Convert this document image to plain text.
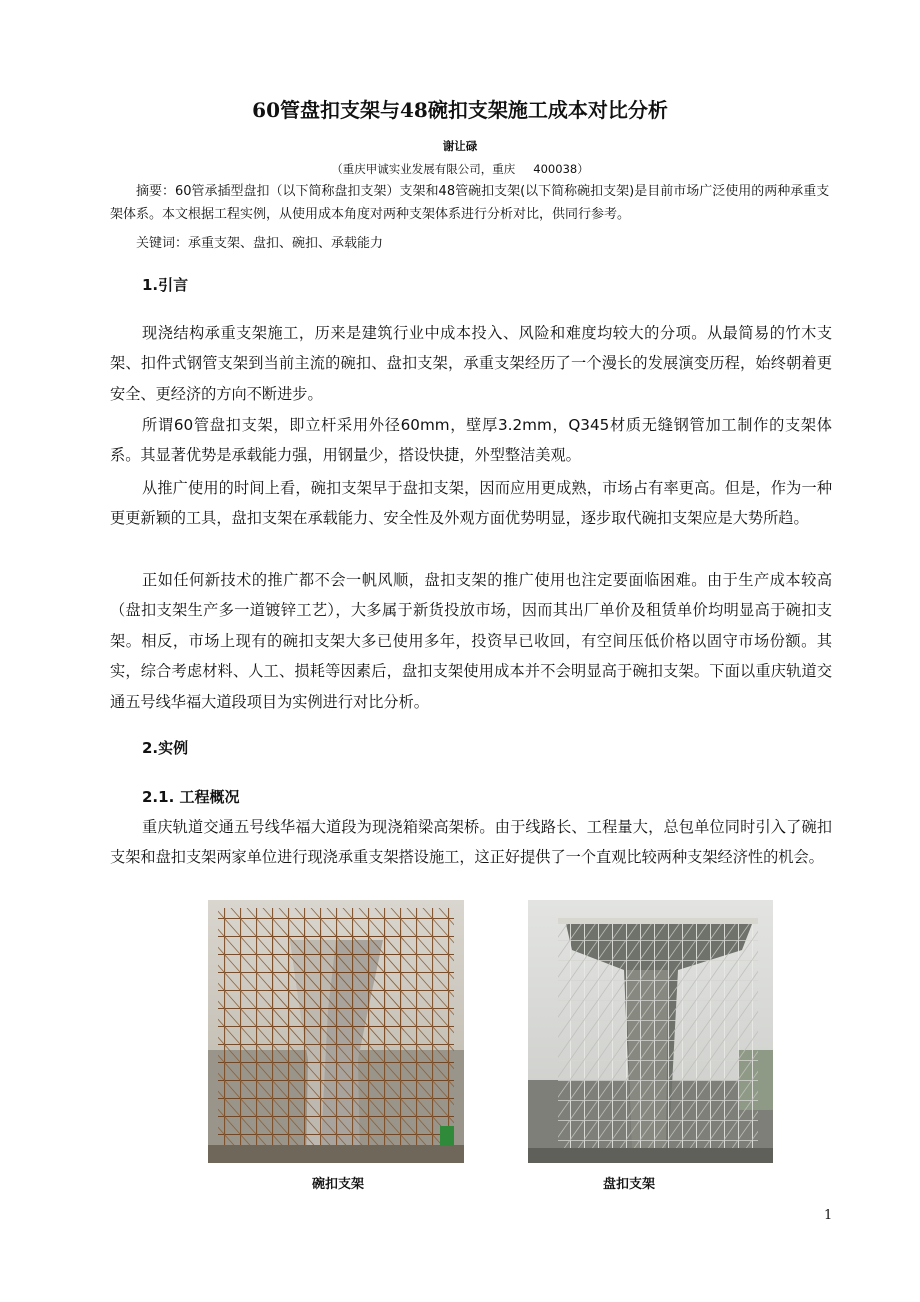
60管盘扣支架与48碗扣支架施工成本对比分析
谢让碌
（重庆甲诚实业发展有限公司，重庆 400038）

摘要：60管承插型盘扣（以下简称盘扣支架）支架和48管碗扣支架(以下简称碗扣支架)是目前市场广泛使用的两种承重支架体系。本文根据工程实例，从使用成本角度对两种支架体系进行分析对比，供同行参考。

关键词：承重支架、盘扣、碗扣、承载能力
1.引言

现浇结构承重支架施工，历来是建筑行业中成本投入、风险和难度均较大的分项。从最简易的竹木支架、扣件式钢管支架到当前主流的碗扣、盘扣支架，承重支架经历了一个漫长的发展演变历程，始终朝着更安全、更经济的方向不断进步。

所谓60管盘扣支架，即立杆采用外径60mm，壁厚3.2mm，Q345材质无缝钢管加工制作的支架体系。其显著优势是承载能力强，用钢量少，搭设快捷，外型整洁美观。

从推广使用的时间上看，碗扣支架早于盘扣支架，因而应用更成熟，市场占有率更高。但是，作为一种更更新颖的工具，盘扣支架在承载能力、安全性及外观方面优势明显，逐步取代碗扣支架应是大势所趋。

正如任何新技术的推广都不会一帆风顺，盘扣支架的推广使用也注定要面临困难。由于生产成本较高（盘扣支架生产多一道镀锌工艺），大多属于新货投放市场，因而其出厂单价及租赁单价均明显高于碗扣支架。相反，市场上现有的碗扣支架大多已使用多年，投资早已收回，有空间压低价格以固守市场份额。其实，综合考虑材料、人工、损耗等因素后，盘扣支架使用成本并不会明显高于碗扣支架。下面以重庆轨道交通五号线华福大道段项目为实例进行对比分析。

2.实例
2.1. 工程概况

重庆轨道交通五号线华福大道段为现浇箱梁高架桥。由于线路长、工程量大，总包单位同时引入了碗扣支架和盘扣支架两家单位进行现浇承重支架搭设施工，这正好提供了一个直观比较两种支架经济性的机会。

碗扣支架	盘扣支架
1
